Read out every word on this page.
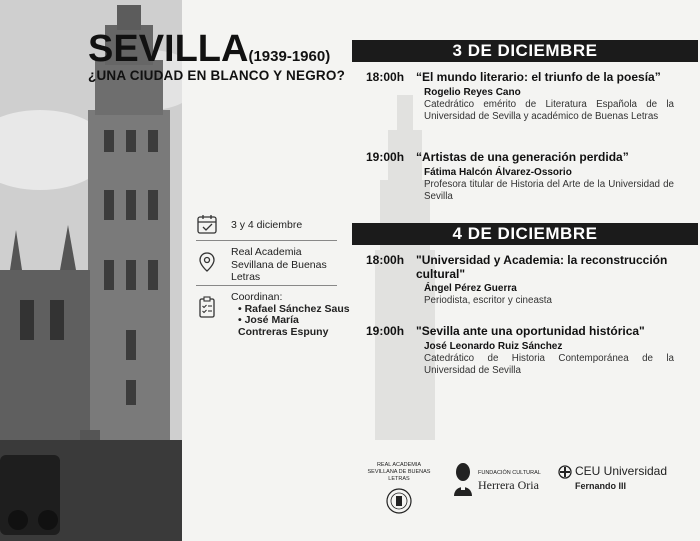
SEVILLA(1939-1960)
¿UNA CIUDAD EN BLANCO Y NEGRO?
3 y 4 diciembre
Real Academia Sevillana de Buenas Letras
Coordinan:
• Rafael Sánchez Saus
• José María Contreras Espuny
3 DE DICIEMBRE
18:00h “El mundo literario: el triunfo de la poesía”
Rogelio Reyes Cano
Catedrático emérito de Literatura Española de la Universidad de Sevilla y académico de Buenas Letras
19:00h “Artistas de una generación perdida”
Fátima Halcón Álvarez-Ossorio
Profesora titular de Historia del Arte de la Universidad de Sevilla
4 DE DICIEMBRE
18:00h "Universidad y Academia: la reconstrucción cultural"
Ángel Pérez Guerra
Periodista, escritor y cineasta
19:00h "Sevilla ante una oportunidad histórica"
José Leonardo Ruiz Sánchez
Catedrático de Historia Contemporánea de la Universidad de Sevilla
REAL ACADEMIA SEVILLANA DE BUENAS LETRAS
FUNDACIÓN CULTURAL
Herrera Oria
CEU Universidad
Fernando III
